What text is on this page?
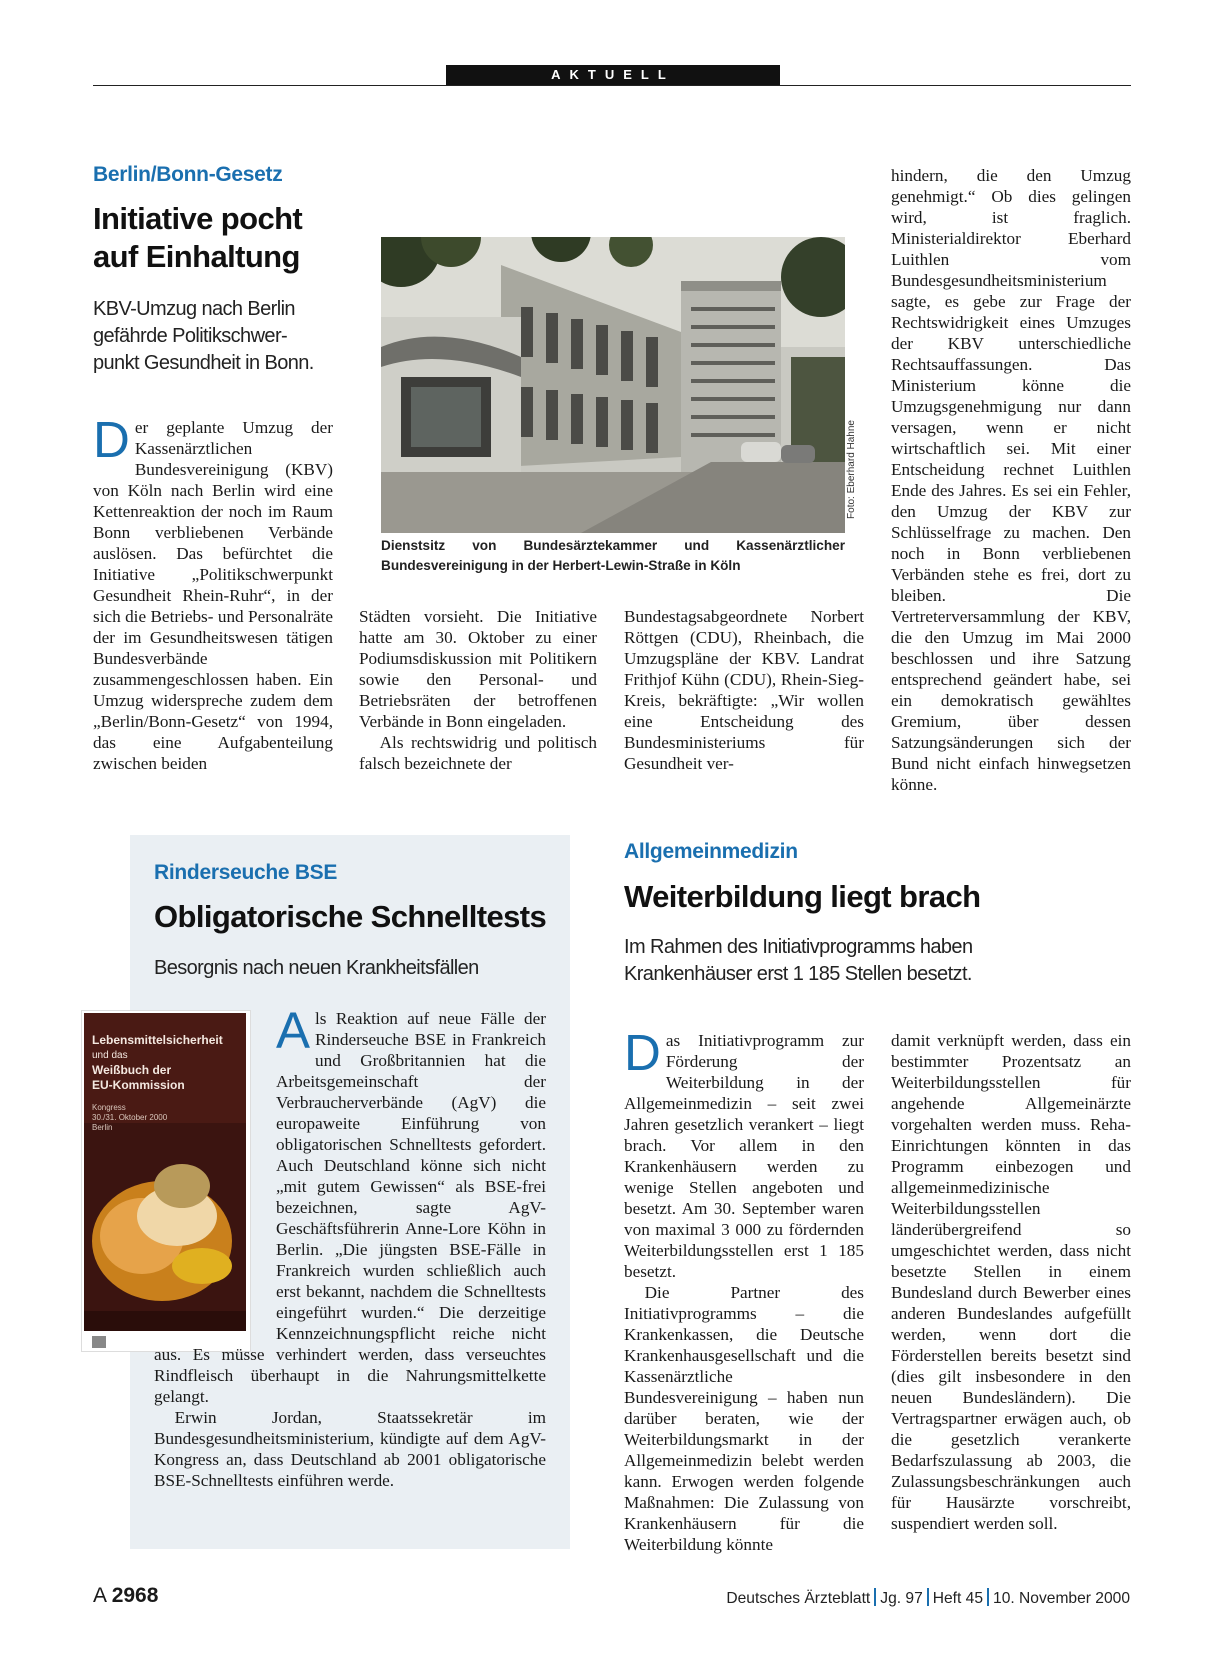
AKTUELL
Berlin/Bonn-Gesetz
Initiative pocht
auf Einhaltung
KBV-Umzug nach Berlin
gefährde Politikschwer-
punkt Gesundheit in Bonn.

Der geplante Umzug der Kassenärztlichen Bundesvereinigung (KBV) von Köln nach Berlin wird eine Kettenreaktion der noch im Raum Bonn verbliebenen Verbände auslösen. Das befürchtet die Initiative „Politikschwerpunkt Gesundheit Rhein-Ruhr“, in der sich die Betriebs- und Personalräte der im Gesundheitswesen tätigen Bundesverbände zusammengeschlossen haben. Ein Umzug widerspreche zudem dem „Berlin/Bonn-Gesetz“ von 1994, das eine Aufgabenteilung zwischen beiden

Foto: Eberhard Hahne
Dienstsitz von Bundesärztekammer und Kassenärztlicher Bundesvereinigung in der Herbert-Lewin-Straße in Köln

Städten vorsieht. Die Initiative hatte am 30. Oktober zu einer Podiumsdiskussion mit Politikern sowie den Personal- und Betriebsräten der betroffenen Verbände in Bonn eingeladen.

Als rechtswidrig und politisch falsch bezeichnete der

Bundestagsabgeordnete Norbert Röttgen (CDU), Rheinbach, die Umzugspläne der KBV. Landrat Frithjof Kühn (CDU), Rhein-Sieg-Kreis, bekräftigte: „Wir wollen eine Entscheidung des Bundesministeriums für Gesundheit ver-

hindern, die den Umzug genehmigt.“ Ob dies gelingen wird, ist fraglich. Ministerialdirektor Eberhard Luithlen vom Bundesgesundheitsministerium sagte, es gebe zur Frage der Rechtswidrigkeit eines Umzuges der KBV unterschiedliche Rechtsauffassungen. Das Ministerium könne die Umzugsgenehmigung nur dann versagen, wenn er nicht wirtschaftlich sei. Mit einer Entscheidung rechnet Luithlen Ende des Jahres. Es sei ein Fehler, den Umzug der KBV zur Schlüsselfrage zu machen. Den noch in Bonn verbliebenen Verbänden stehe es frei, dort zu bleiben. Die Vertreterversammlung der KBV, die den Umzug im Mai 2000 beschlossen und ihre Satzung entsprechend geändert habe, sei ein demokratisch gewähltes Gremium, über dessen Satzungsänderungen sich der Bund nicht einfach hinwegsetzen könne.

Rinderseuche BSE
Obligatorische Schnelltests
Besorgnis nach neuen Krankheitsfällen
Lebensmittelsicherheit
und das
Weißbuch der
EU-Kommission
Kongress
30./31. Oktober 2000
Berlin

Als Reaktion auf neue Fälle der Rinderseuche BSE in Frankreich und Großbritannien hat die Arbeitsgemeinschaft der Verbraucherverbände (AgV) die europaweite Einführung von obligatorischen Schnelltests gefordert. Auch Deutschland könne sich nicht „mit gutem Gewissen“ als BSE-frei bezeichnen, sagte AgV-Geschäftsführerin Anne-Lore Köhn in Berlin. „Die jüngsten BSE-Fälle in Frankreich wurden schließlich auch erst bekannt, nachdem die Schnelltests eingeführt wurden.“ Die derzeitige Kennzeichnungspflicht reiche nicht aus. Es müsse verhindert werden, dass verseuchtes Rindfleisch überhaupt in die Nahrungsmittelkette gelangt.

Erwin Jordan, Staatssekretär im Bundesgesundheitsministerium, kündigte auf dem AgV-Kongress an, dass Deutschland ab 2001 obligatorische BSE-Schnelltests einführen werde.

Allgemeinmedizin
Weiterbildung liegt brach
Im Rahmen des Initiativprogramms haben
Krankenhäuser erst 1 185 Stellen besetzt.

Das Initiativprogramm zur Förderung der Weiterbildung in der Allgemeinmedizin – seit zwei Jahren gesetzlich verankert – liegt brach. Vor allem in den Krankenhäusern werden zu wenige Stellen angeboten und besetzt. Am 30. September waren von maximal 3 000 zu fördernden Weiterbildungsstellen erst 1 185 besetzt.

Die Partner des Initiativprogramms – die Krankenkassen, die Deutsche Krankenhausgesellschaft und die Kassenärztliche Bundesvereinigung – haben nun darüber beraten, wie der Weiterbildungsmarkt in der Allgemeinmedizin belebt werden kann. Erwogen werden folgende Maßnahmen: Die Zulassung von Krankenhäusern für die Weiterbildung könnte

damit verknüpft werden, dass ein bestimmter Prozentsatz an Weiterbildungsstellen für angehende Allgemeinärzte vorgehalten werden muss. Reha-Einrichtungen könnten in das Programm einbezogen und allgemeinmedizinische Weiterbildungsstellen länderübergreifend so umgeschichtet werden, dass nicht besetzte Stellen in einem Bundesland durch Bewerber eines anderen Bundeslandes aufgefüllt werden, wenn dort die Förderstellen bereits besetzt sind (dies gilt insbesondere in den neuen Bundesländern). Die Vertragspartner erwägen auch, ob die gesetzlich verankerte Bedarfszulassung ab 2003, die Zulassungsbeschränkungen auch für Hausärzte vorschreibt, suspendiert werden soll.

A 2968	Deutsches Ärzteblatt Jg. 97 Heft 45 10. November 2000
